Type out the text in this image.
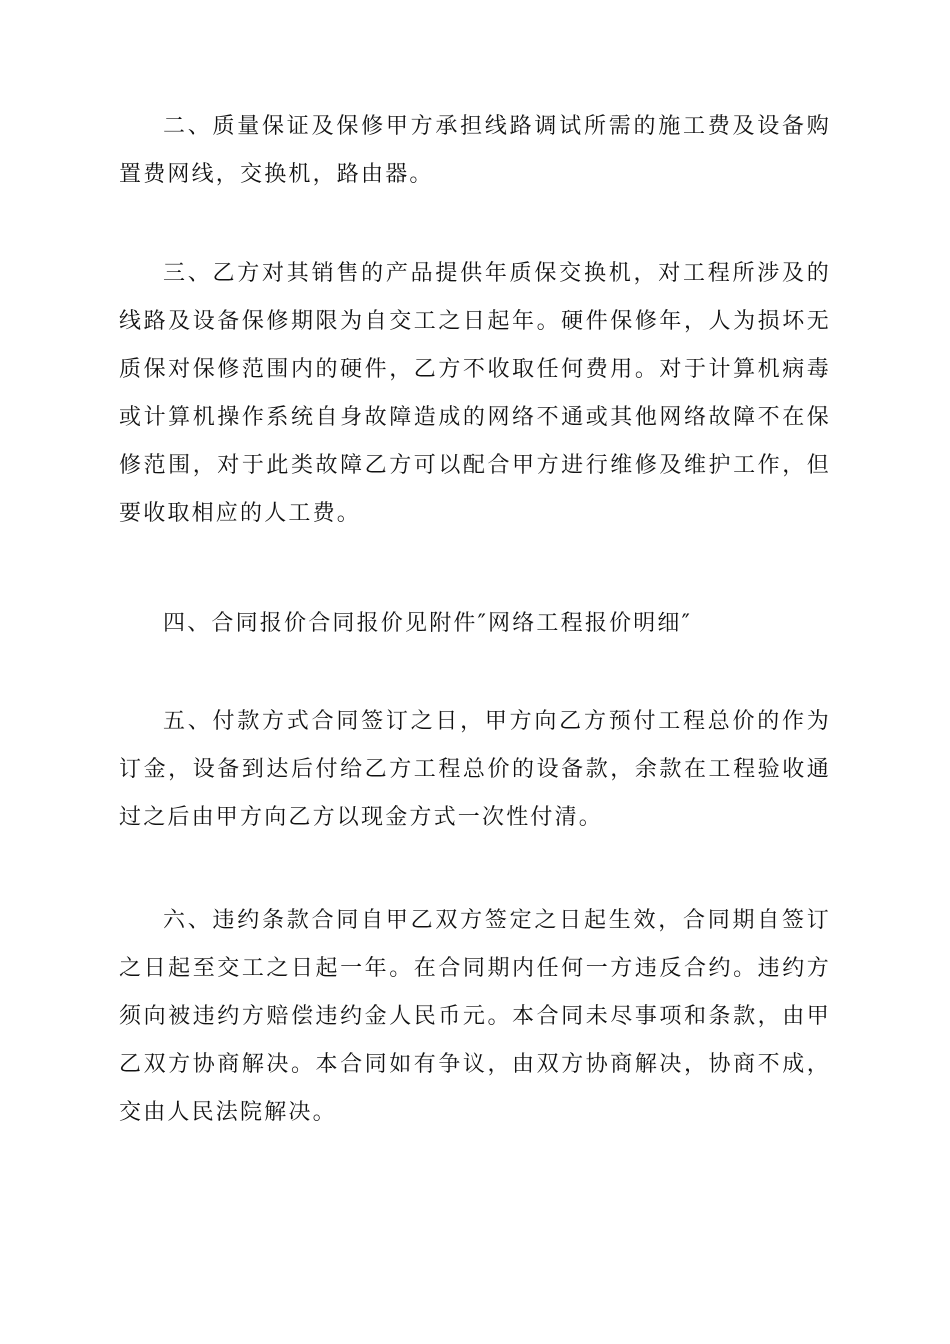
二、质量保证及保修甲方承担线路调试所需的施工费及设备购置费网线，交换机，路由器。

三、乙方对其销售的产品提供年质保交换机，对工程所涉及的线路及设备保修期限为自交工之日起年。硬件保修年，人为损坏无质保对保修范围内的硬件，乙方不收取任何费用。对于计算机病毒或计算机操作系统自身故障造成的网络不通或其他网络故障不在保修范围，对于此类故障乙方可以配合甲方进行维修及维护工作，但要收取相应的人工费。

四、合同报价合同报价见附件″网络工程报价明细″

五、付款方式合同签订之日，甲方向乙方预付工程总价的作为订金，设备到达后付给乙方工程总价的设备款，余款在工程验收通过之后由甲方向乙方以现金方式一次性付清。

六、违约条款合同自甲乙双方签定之日起生效，合同期自签订之日起至交工之日起一年。在合同期内任何一方违反合约。违约方须向被违约方赔偿违约金人民币元。本合同未尽事项和条款，由甲乙双方协商解决。本合同如有争议，由双方协商解决，协商不成，交由人民法院解决。
